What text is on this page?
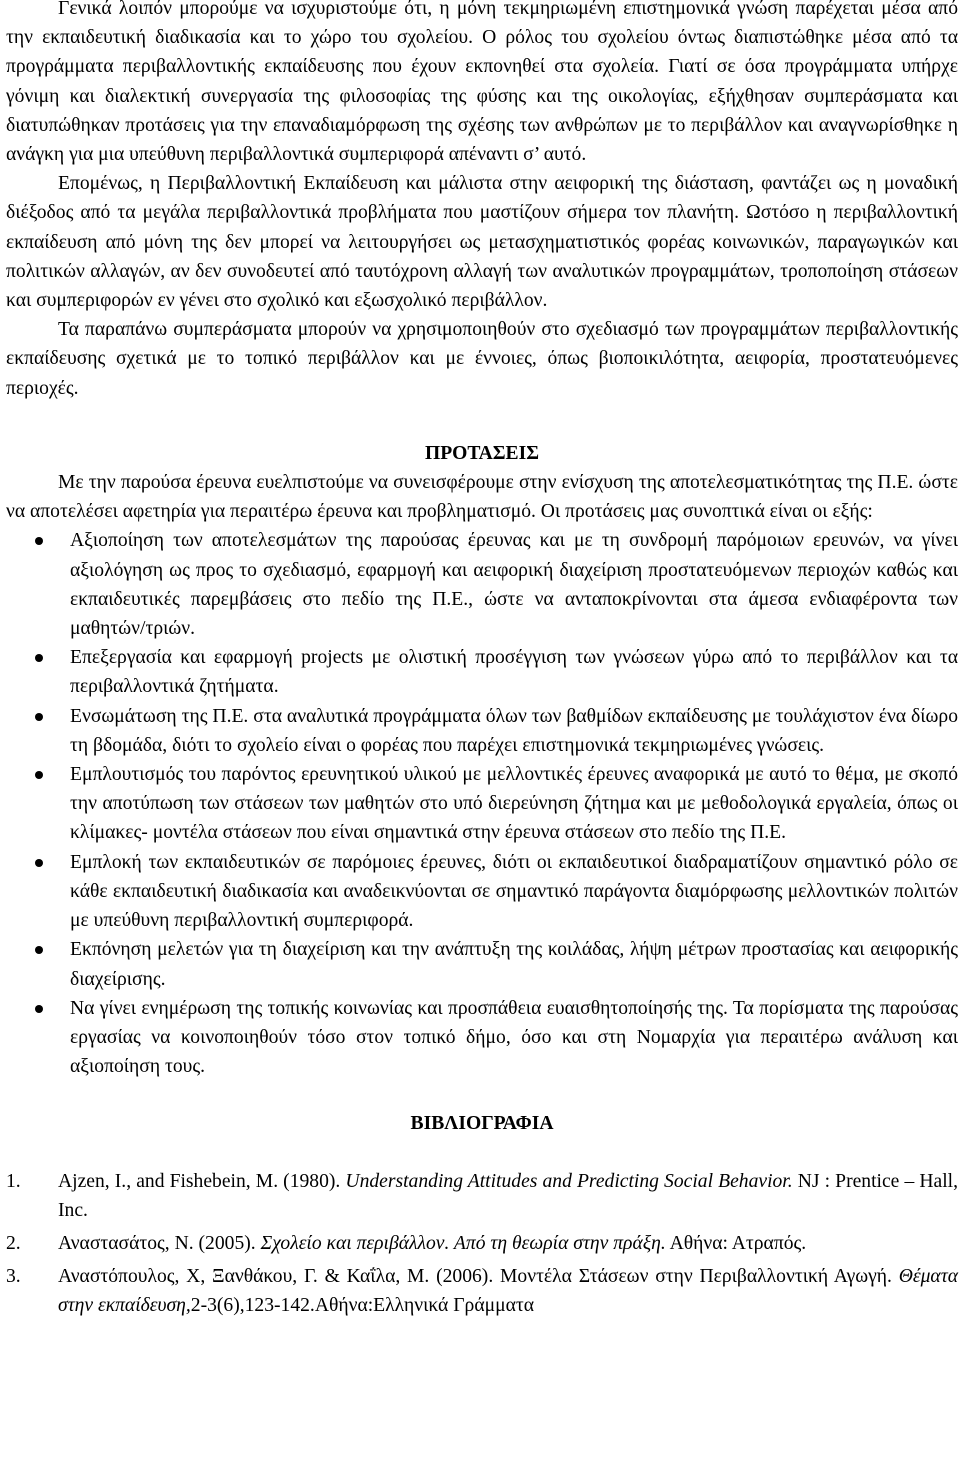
Γενικά λοιπόν μπορούμε να ισχυριστούμε ότι, η μόνη τεκμηριωμένη επιστημονικά γνώση παρέχεται μέσα από την εκπαιδευτική διαδικασία και το χώρο του σχολείου. Ο ρόλος του σχολείου όντως διαπιστώθηκε μέσα από τα προγράμματα περιβαλλοντικής εκπαίδευσης που έχουν εκπονηθεί στα σχολεία. Γιατί σε όσα προγράμματα υπήρχε γόνιμη και διαλεκτική συνεργασία της φιλοσοφίας της φύσης και της οικολογίας, εξήχθησαν συμπεράσματα και διατυπώθηκαν προτάσεις για την επαναδιαμόρφωση της σχέσης των ανθρώπων με το περιβάλλον και αναγνωρίσθηκε η ανάγκη για μια υπεύθυνη περιβαλλοντικά συμπεριφορά απέναντι σ’ αυτό.

Επομένως, η Περιβαλλοντική Εκπαίδευση και μάλιστα στην αειφορική της διάσταση, φαντάζει ως η μοναδική διέξοδος από τα μεγάλα περιβαλλοντικά προβλήματα που μαστίζουν σήμερα τον πλανήτη. Ωστόσο η περιβαλλοντική εκπαίδευση από μόνη της δεν μπορεί να λειτουργήσει ως μετασχηματιστικός φορέας κοινωνικών, παραγωγικών και πολιτικών αλλαγών, αν δεν συνοδευτεί από ταυτόχρονη αλλαγή των αναλυτικών προγραμμάτων, τροποποίηση στάσεων και συμπεριφορών εν γένει στο σχολικό και εξωσχολικό περιβάλλον.

Τα παραπάνω συμπεράσματα μπορούν να χρησιμοποιηθούν στο σχεδιασμό των προγραμμάτων περιβαλλοντικής εκπαίδευσης σχετικά με το τοπικό περιβάλλον και με έννοιες, όπως βιοποικιλότητα, αειφορία, προστατευόμενες περιοχές.

ΠΡΟΤΑΣΕΙΣ

Με την παρούσα έρευνα ευελπιστούμε να συνεισφέρουμε στην ενίσχυση της αποτελεσματικότητας της Π.Ε. ώστε να αποτελέσει αφετηρία για περαιτέρω έρευνα και προβληματισμό. Οι προτάσεις μας συνοπτικά είναι οι εξής:

Αξιοποίηση των αποτελεσμάτων της παρούσας έρευνας και με τη συνδρομή παρόμοιων ερευνών, να γίνει αξιολόγηση ως προς το σχεδιασμό, εφαρμογή και αειφορική διαχείριση προστατευόμενων περιοχών καθώς και εκπαιδευτικές παρεμβάσεις στο πεδίο της Π.Ε., ώστε να ανταποκρίνονται στα άμεσα ενδιαφέροντα των μαθητών/τριών.
Επεξεργασία και εφαρμογή projects με ολιστική προσέγγιση των γνώσεων γύρω από το περιβάλλον και τα περιβαλλοντικά ζητήματα.
Ενσωμάτωση της Π.Ε. στα αναλυτικά προγράμματα όλων των βαθμίδων εκπαίδευσης με τουλάχιστον ένα δίωρο τη βδομάδα, διότι το σχολείο είναι ο φορέας που παρέχει επιστημονικά τεκμηριωμένες γνώσεις.
Εμπλουτισμός του παρόντος ερευνητικού υλικού με μελλοντικές έρευνες αναφορικά με αυτό το θέμα, με σκοπό την αποτύπωση των στάσεων των μαθητών στο υπό διερεύνηση ζήτημα και με μεθοδολογικά εργαλεία, όπως οι κλίμακες- μοντέλα στάσεων που είναι σημαντικά στην έρευνα στάσεων στο πεδίο της Π.Ε.
Εμπλοκή των εκπαιδευτικών σε παρόμοιες έρευνες, διότι οι εκπαιδευτικοί διαδραματίζουν σημαντικό ρόλο σε κάθε εκπαιδευτική διαδικασία και αναδεικνύονται σε σημαντικό παράγοντα διαμόρφωσης μελλοντικών πολιτών με υπεύθυνη περιβαλλοντική συμπεριφορά.
Εκπόνηση μελετών για τη διαχείριση και την ανάπτυξη της κοιλάδας, λήψη μέτρων προστασίας και αειφορικής διαχείρισης.
Να γίνει ενημέρωση της τοπικής κοινωνίας και προσπάθεια ευαισθητοποίησής της. Τα πορίσματα της παρούσας εργασίας να κοινοποιηθούν τόσο στον τοπικό δήμο, όσο και στη Νομαρχία για περαιτέρω ανάλυση και αξιοποίηση τους.
ΒΙΒΛΙΟΓΡΑΦΙΑ
1. Ajzen, I., and Fishebein, M. (1980). Understanding Attitudes and Predicting Social Behavior. NJ : Prentice – Hall, Inc.
2. Αναστασάτος, Ν. (2005). Σχολείο και περιβάλλον. Από τη θεωρία στην πράξη. Αθήνα: Ατραπός.
3. Αναστόπουλος, Χ, Ξανθάκου, Γ. & Καΐλα, Μ. (2006). Μοντέλα Στάσεων στην Περιβαλλοντική Αγωγή. Θέματα στην εκπαίδευση,2-3(6),123-142.Αθήνα:Ελληνικά Γράμματα
